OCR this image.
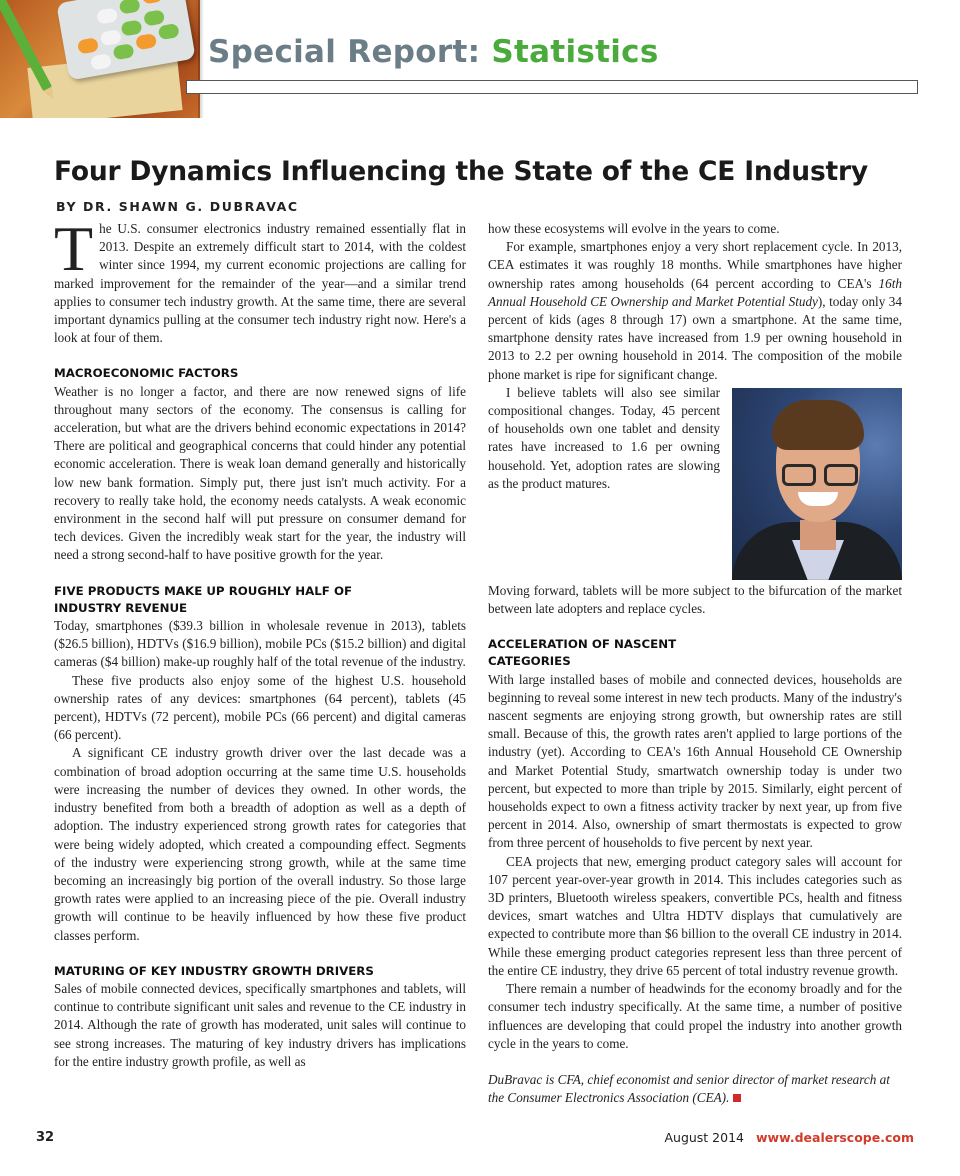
Special Report: Statistics
Four Dynamics Influencing the State of the CE Industry
BY DR. SHAWN G. DUBRAVAC

The U.S. consumer electronics industry remained essentially flat in 2013. Despite an extremely difficult start to 2014, with the coldest winter since 1994, my current economic projections are calling for marked improvement for the remainder of the year—and a similar trend applies to consumer tech industry growth. At the same time, there are several important dynamics pulling at the consumer tech industry right now. Here's a look at four of them.

MACROECONOMIC FACTORS

Weather is no longer a factor, and there are now renewed signs of life throughout many sectors of the economy. The consensus is calling for acceleration, but what are the drivers behind economic expectations in 2014? There are political and geographical concerns that could hinder any potential economic acceleration. There is weak loan demand generally and historically low new bank formation. Simply put, there just isn't much activity. For a recovery to really take hold, the economy needs catalysts. A weak economic environment in the second half will put pressure on consumer demand for tech devices. Given the incredibly weak start for the year, the industry will need a strong second-half to have positive growth for the year.

FIVE PRODUCTS MAKE UP ROUGHLY HALF OF INDUSTRY REVENUE

Today, smartphones ($39.3 billion in wholesale revenue in 2013), tablets ($26.5 billion), HDTVs ($16.9 billion), mobile PCs ($15.2 billion) and digital cameras ($4 billion) make-up roughly half of the total revenue of the industry.

These five products also enjoy some of the highest U.S. household ownership rates of any devices: smartphones (64 percent), tablets (45 percent), HDTVs (72 percent), mobile PCs (66 percent) and digital cameras (66 percent).

A significant CE industry growth driver over the last decade was a combination of broad adoption occurring at the same time U.S. households were increasing the number of devices they owned. In other words, the industry benefited from both a breadth of adoption as well as a depth of adoption. The industry experienced strong growth rates for categories that were being widely adopted, which created a compounding effect. Segments of the industry were experiencing strong growth, while at the same time becoming an increasingly big portion of the overall industry. So those large growth rates were applied to an increasing piece of the pie. Overall industry growth will continue to be heavily influenced by how these five product classes perform.

MATURING OF KEY INDUSTRY GROWTH DRIVERS

Sales of mobile connected devices, specifically smartphones and tablets, will continue to contribute significant unit sales and revenue to the CE industry in 2014. Although the rate of growth has moderated, unit sales will continue to see strong increases. The maturing of key industry drivers has implications for the entire industry growth profile, as well as

how these ecosystems will evolve in the years to come.

For example, smartphones enjoy a very short replacement cycle. In 2013, CEA estimates it was roughly 18 months. While smartphones have higher ownership rates among households (64 percent according to CEA's 16th Annual Household CE Ownership and Market Potential Study), today only 34 percent of kids (ages 8 through 17) own a smartphone. At the same time, smartphone density rates have increased from 1.9 per owning household in 2013 to 2.2 per owning household in 2014. The composition of the mobile phone market is ripe for significant change.

I believe tablets will also see similar compositional changes. Today, 45 percent of households own one tablet and density rates have increased to 1.6 per owning household. Yet, adoption rates are slowing as the product matures.

Moving forward, tablets will be more subject to the bifurcation of the market between late adopters and replace cycles.

ACCELERATION OF NASCENT CATEGORIES

With large installed bases of mobile and connected devices, households are beginning to reveal some interest in new tech products. Many of the industry's nascent segments are enjoying strong growth, but ownership rates are still small. Because of this, the growth rates aren't applied to large portions of the industry (yet). According to CEA's 16th Annual Household CE Ownership and Market Potential Study, smartwatch ownership today is under two percent, but expected to more than triple by 2015. Similarly, eight percent of households expect to own a fitness activity tracker by next year, up from five percent in 2014. Also, ownership of smart thermostats is expected to grow from three percent of households to five percent by next year.

CEA projects that new, emerging product category sales will account for 107 percent year-over-year growth in 2014. This includes categories such as 3D printers, Bluetooth wireless speakers, convertible PCs, health and fitness devices, smart watches and Ultra HDTV displays that cumulatively are expected to contribute more than $6 billion to the overall CE industry in 2014. While these emerging product categories represent less than three percent of the entire CE industry, they drive 65 percent of total industry revenue growth.

There remain a number of headwinds for the economy broadly and for the consumer tech industry specifically. At the same time, a number of positive influences are developing that could propel the industry into another growth cycle in the years to come.

DuBravac is CFA, chief economist and senior director of market research at the Consumer Electronics Association (CEA).

32	August 2014 www.dealerscope.com
